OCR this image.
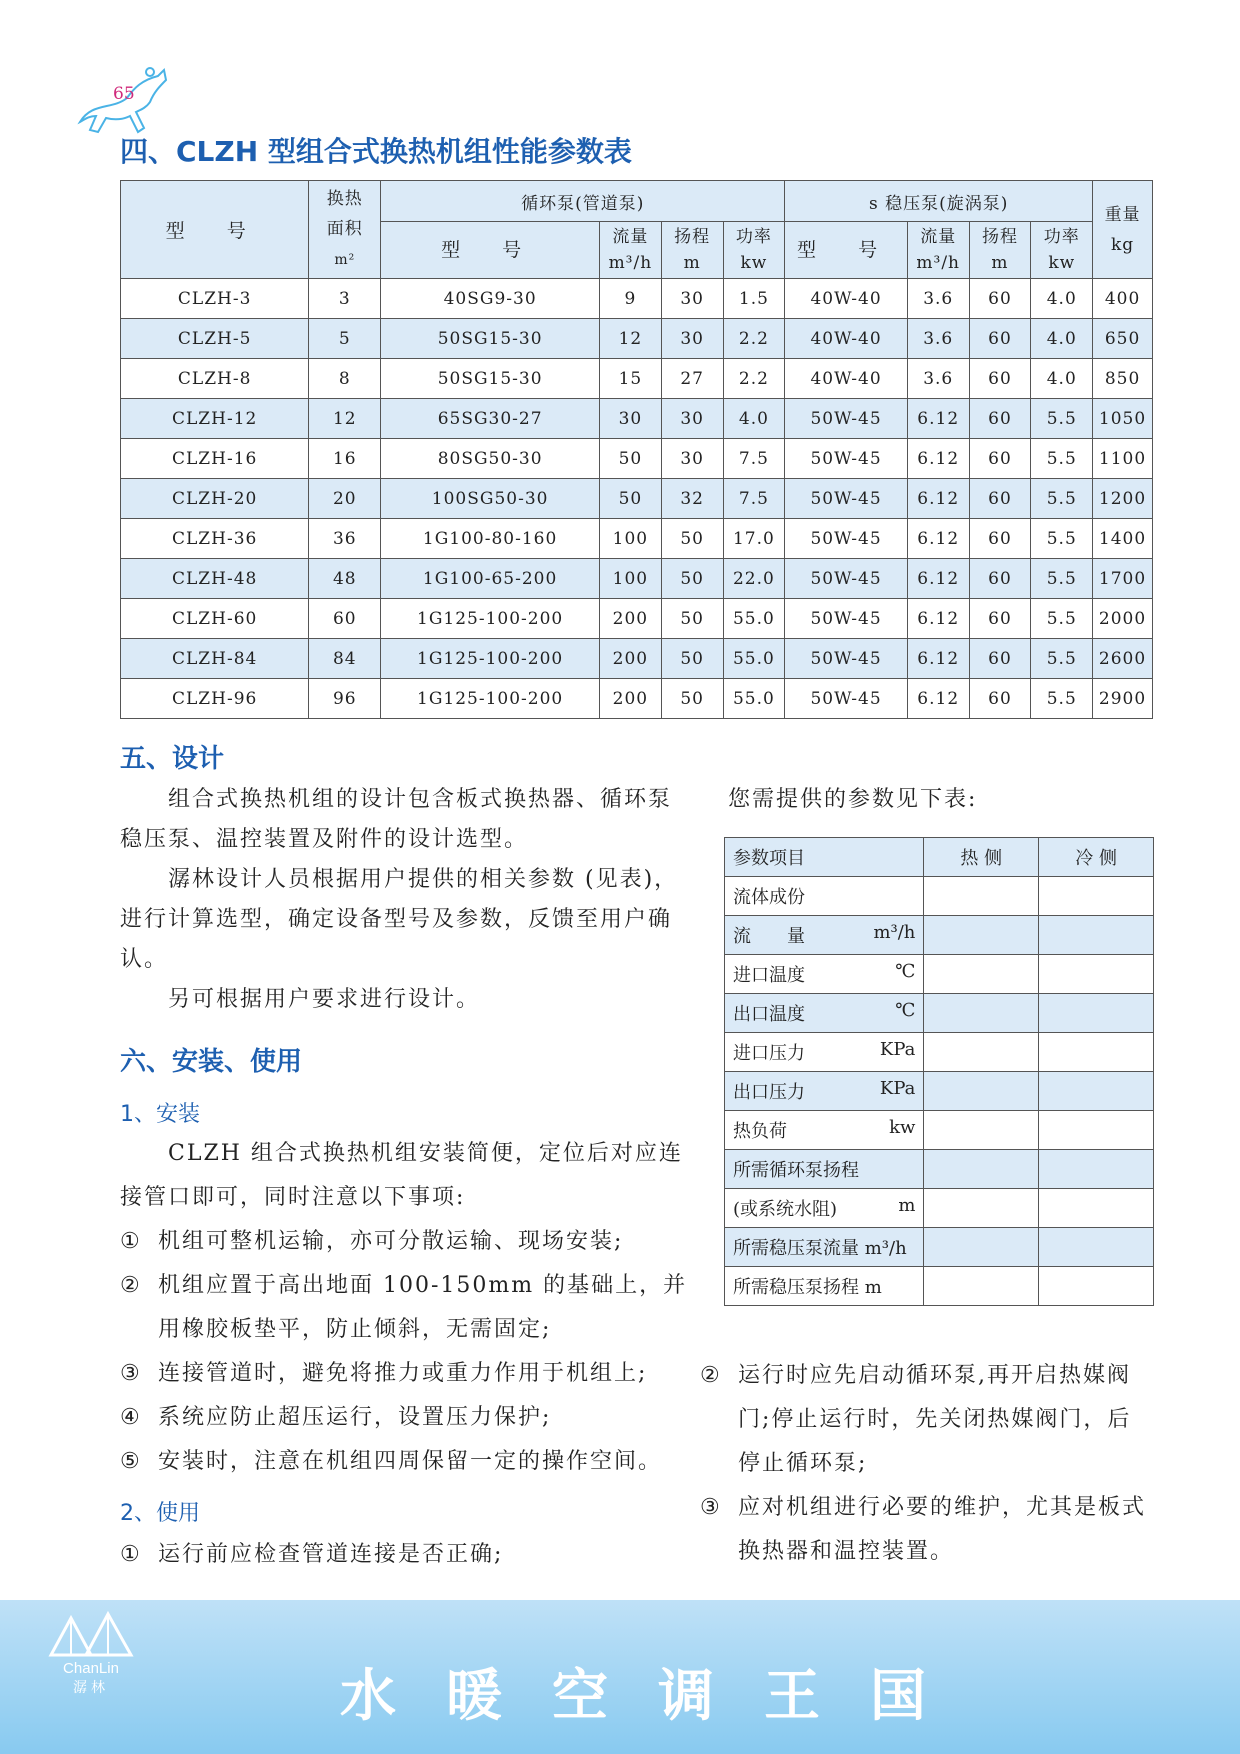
65
四、CLZH 型组合式换热机组性能参数表
型 号	换热
面积
m²	循环泵(管道泵)				s 稳压泵(旋涡泵)				重量
kg
		型 号	流量
m³/h	扬程
m	功率
kw	型 号	流量
m³/h	扬程
m	功率
kw	
CLZH-3	3	40SG9-30	9	30	1.5	40W-40	3.6	60	4.0	400
CLZH-5	5	50SG15-30	12	30	2.2	40W-40	3.6	60	4.0	650
CLZH-8	8	50SG15-30	15	27	2.2	40W-40	3.6	60	4.0	850
CLZH-12	12	65SG30-27	30	30	4.0	50W-45	6.12	60	5.5	1050
CLZH-16	16	80SG50-30	50	30	7.5	50W-45	6.12	60	5.5	1100
CLZH-20	20	100SG50-30	50	32	7.5	50W-45	6.12	60	5.5	1200
CLZH-36	36	1G100-80-160	100	50	17.0	50W-45	6.12	60	5.5	1400
CLZH-48	48	1G100-65-200	100	50	22.0	50W-45	6.12	60	5.5	1700
CLZH-60	60	1G125-100-200	200	50	55.0	50W-45	6.12	60	5.5	2000
CLZH-84	84	1G125-100-200	200	50	55.0	50W-45	6.12	60	5.5	2600
CLZH-96	96	1G125-100-200	200	50	55.0	50W-45	6.12	60	5.5	2900
五、设计
组合式换热机组的设计包含板式换热器、循环泵稳压泵、温控装置及附件的设计选型。
潺林设计人员根据用户提供的相关参数 (见表)，进行计算选型，确定设备型号及参数，反馈至用户确认。
另可根据用户要求进行设计。
您需提供的参数见下表:
参数项目	热 侧	冷 侧

流体成份		

流　　量 m³/h		

进口温度 ℃		

出口温度 ℃		

进口压力 KPa		

出口压力 KPa		

热负荷 kw		

所需循环泵扬程		

(或系统水阻) m		

所需稳压泵流量 m³/h		

所需稳压泵扬程 m		

六、安装、使用
1、安装
CLZH 组合式换热机组安装简便，定位后对应连接管口即可，同时注意以下事项:
① 机组可整机运输，亦可分散运输、现场安装;
② 机组应置于高出地面 100-150mm 的基础上，并用橡胶板垫平，防止倾斜，无需固定;
③ 连接管道时，避免将推力或重力作用于机组上;
④ 系统应防止超压运行，设置压力保护;
⑤ 安装时，注意在机组四周保留一定的操作空间。
2、使用
① 运行前应检查管道连接是否正确;
② 运行时应先启动循环泵,再开启热媒阀门;停止运行时，先关闭热媒阀门，后停止循环泵;
③ 应对机组进行必要的维护，尤其是板式换热器和温控装置。
ChanLin
潺林	水暖空调王国
